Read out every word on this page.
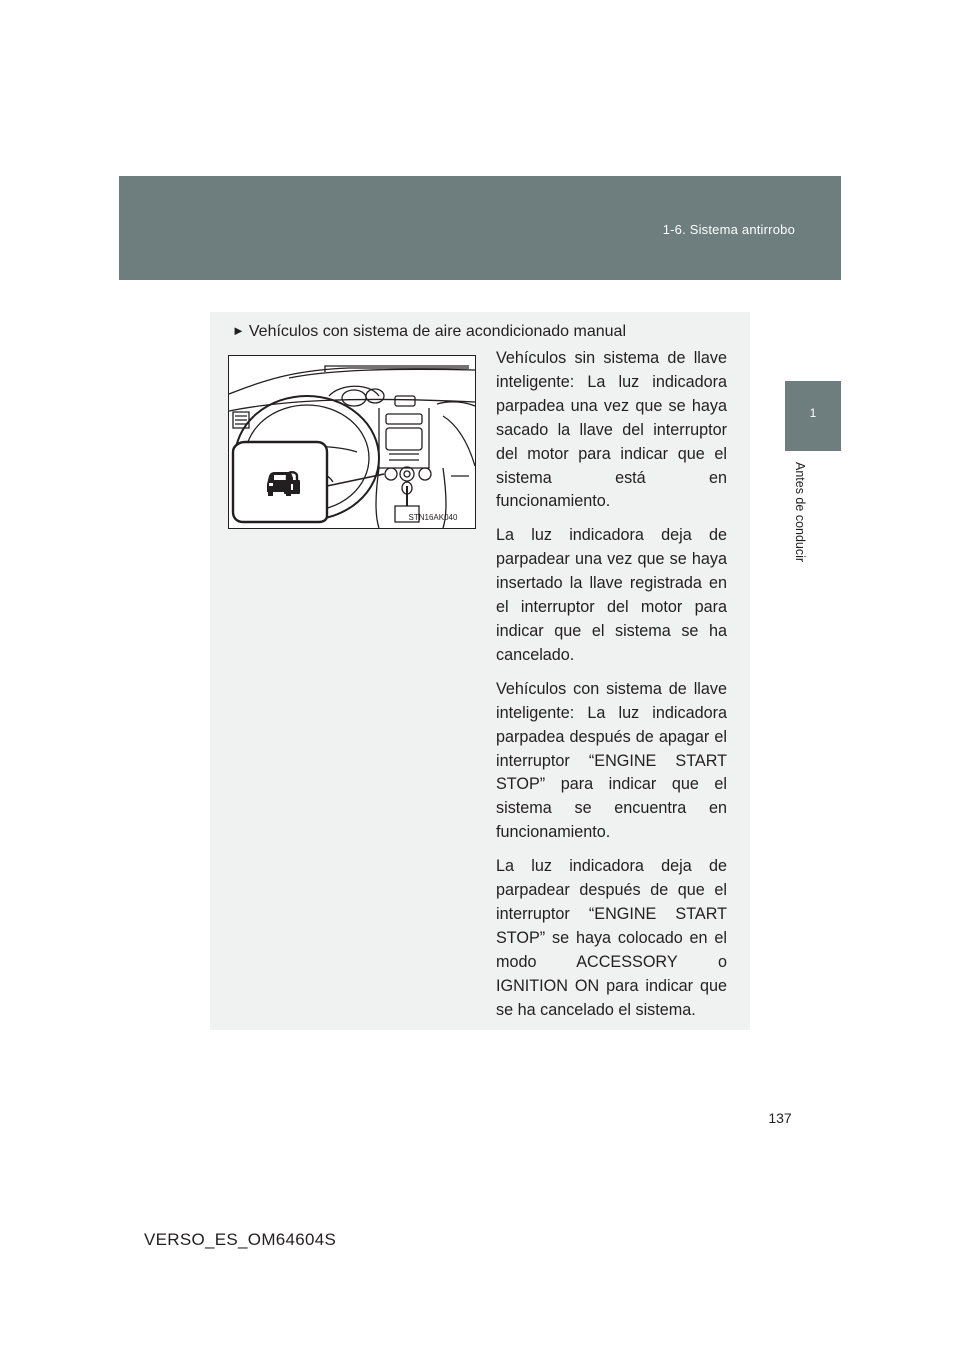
1-6. Sistema antirrobo
1
Antes de conducir
► Vehículos con sistema de aire acondicionado manual
STN16AK040

Vehículos sin sistema de llave inteligente: La luz indicadora parpadea una vez que se haya sacado la llave del interruptor del motor para indicar que el sistema está en funcionamiento.

La luz indicadora deja de parpadear una vez que se haya insertado la llave registrada en el interruptor del motor para indicar que el sistema se ha cancelado.

Vehículos con sistema de llave inteligente: La luz indicadora parpadea después de apagar el interruptor “ENGINE START STOP” para indicar que el sistema se encuentra en funcionamiento.

La luz indicadora deja de parpadear después de que el interruptor “ENGINE START STOP” se haya colocado en el modo ACCESSORY o IGNITION ON para indicar que se ha cancelado el sistema.

137
VERSO_ES_OM64604S
